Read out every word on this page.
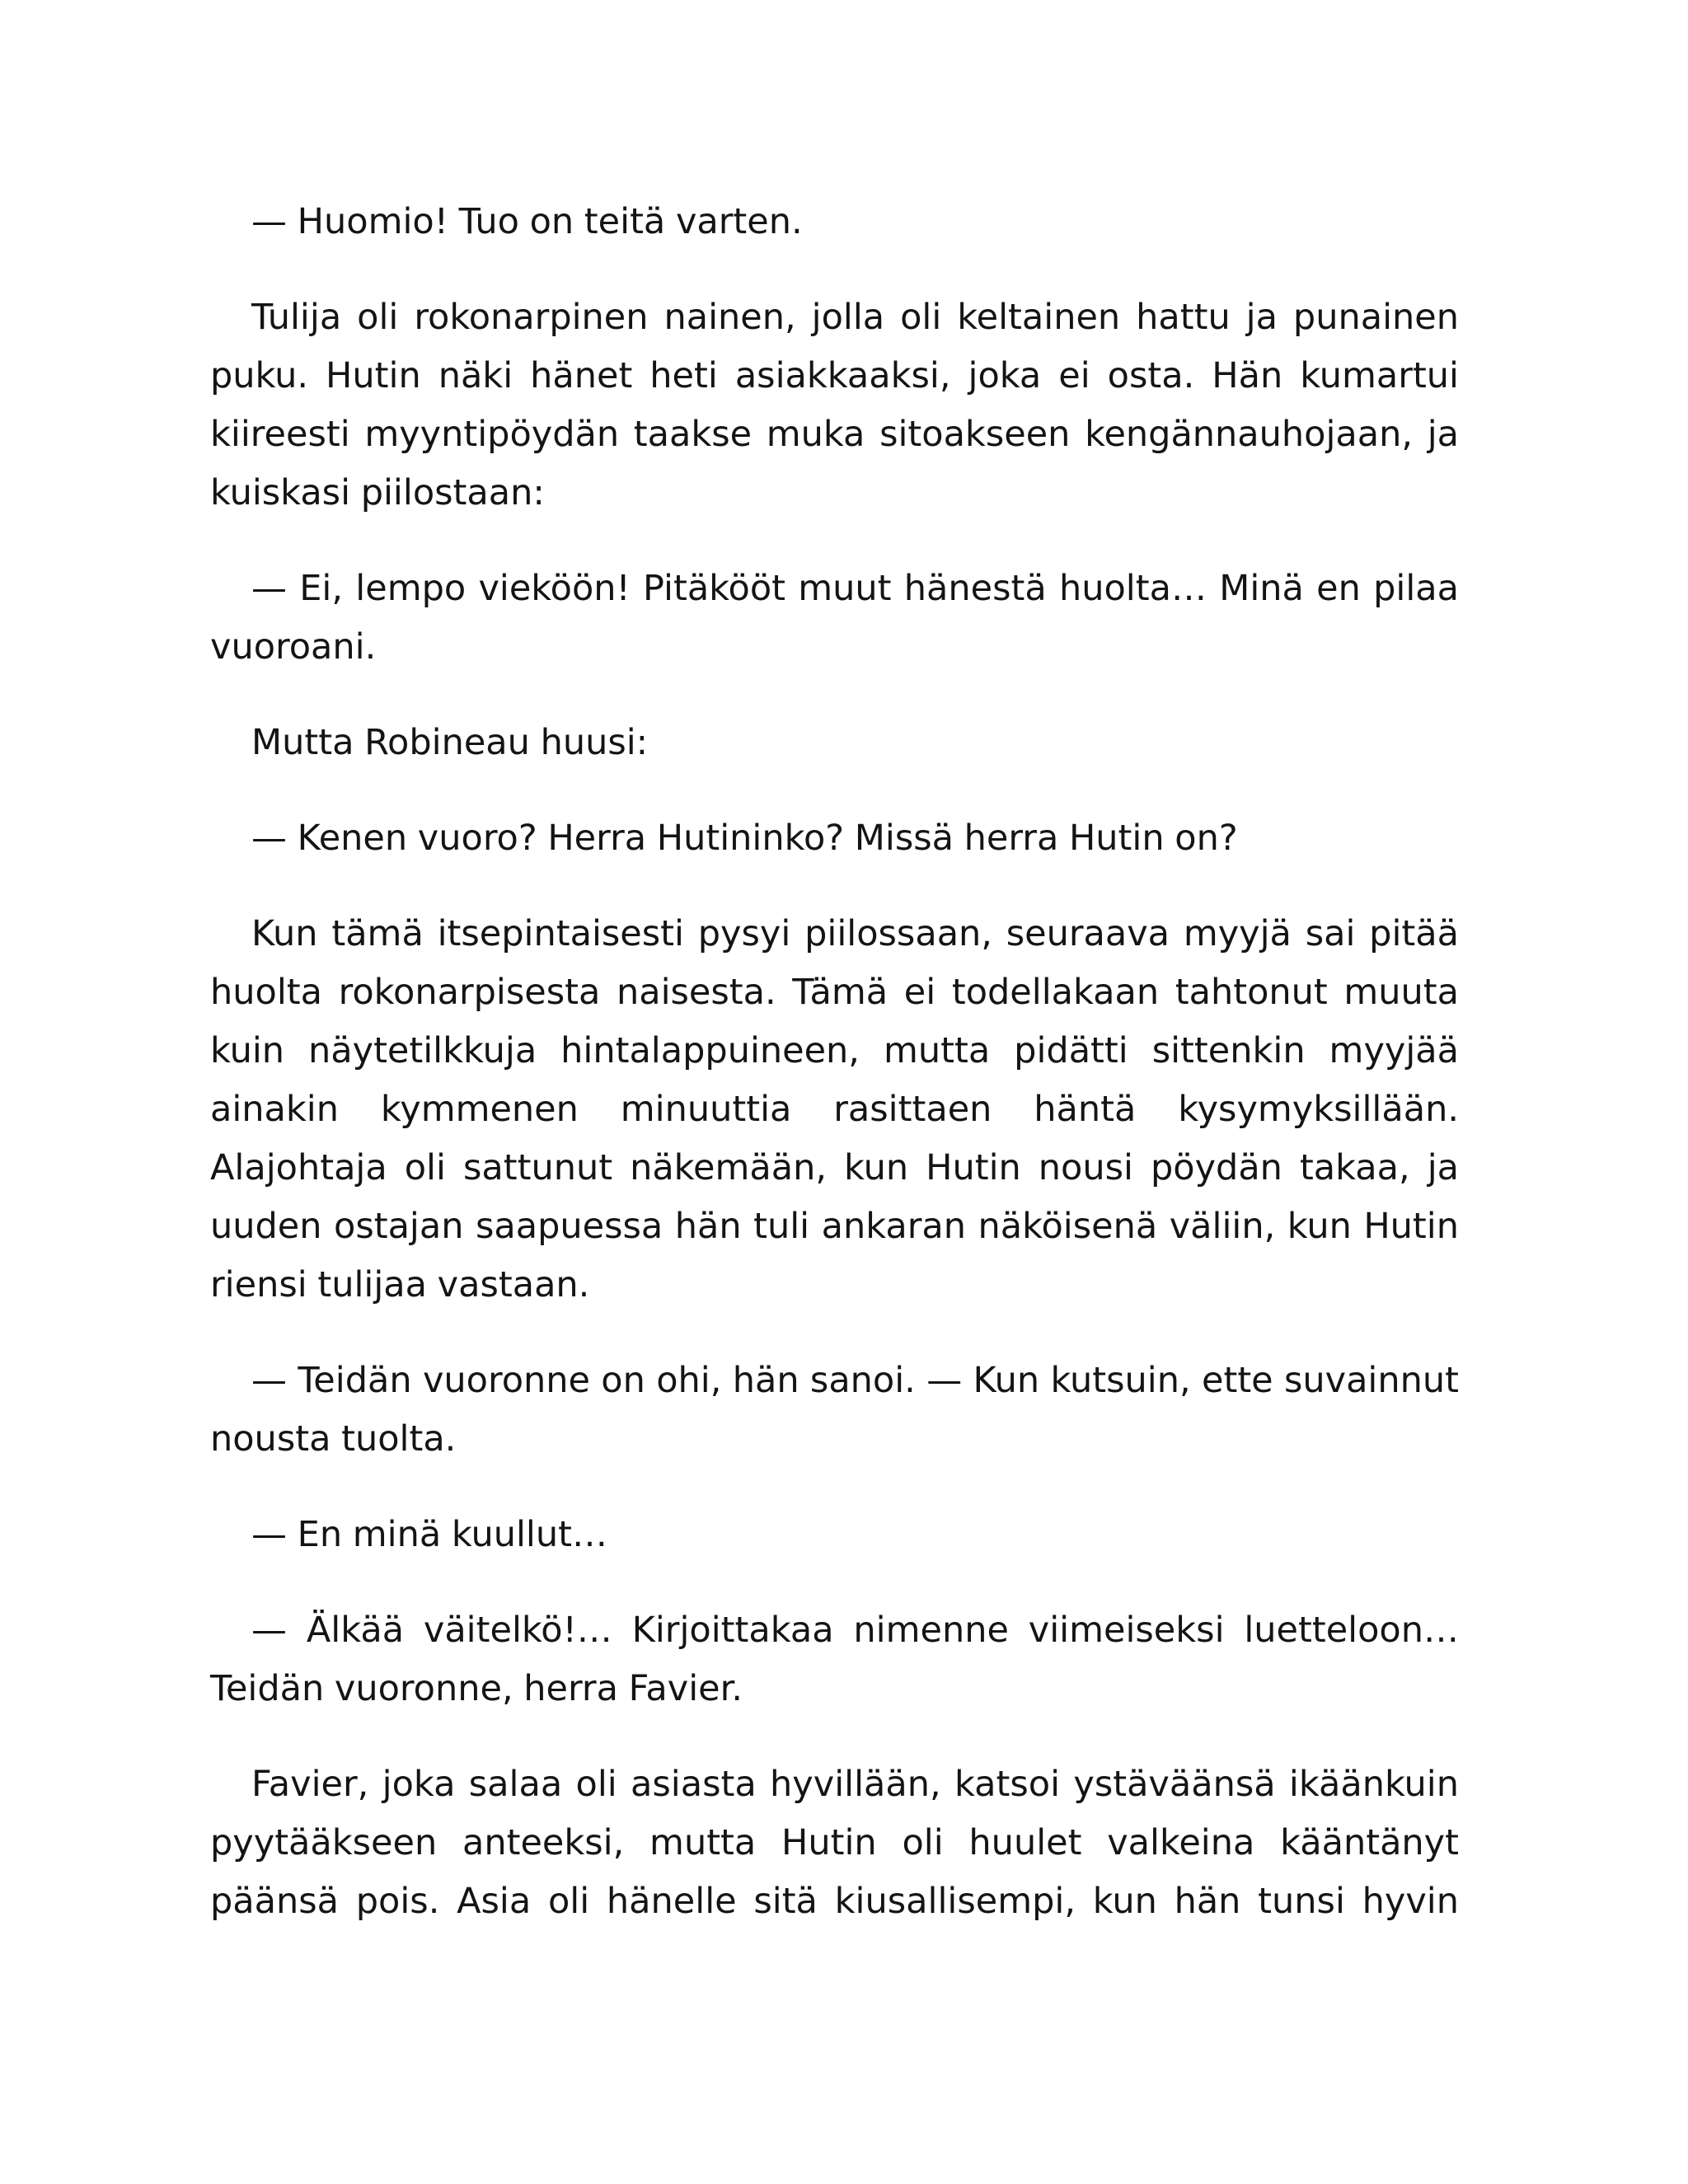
— Huomio! Tuo on teitä varten.

Tulija oli rokonarpinen nainen, jolla oli keltainen hattu ja punainen puku. Hutin näki hänet heti asiakkaaksi, joka ei osta. Hän kumartui kiireesti myyntipöydän taakse muka sitoakseen kengännauhojaan, ja kuiskasi piilostaan:

— Ei, lempo vieköön! Pitäkööt muut hänestä huolta… Minä en pilaa vuoroani.

Mutta Robineau huusi:

— Kenen vuoro? Herra Hutininko? Missä herra Hutin on?

Kun tämä itsepintaisesti pysyi piilossaan, seuraava myyjä sai pitää huolta rokonarpisesta naisesta. Tämä ei todellakaan tahtonut muuta kuin näytetilkkuja hintalappuineen, mutta pidätti sittenkin myyjää ainakin kymmenen minuuttia rasittaen häntä kysymyksillään. Alajohtaja oli sattunut näkemään, kun Hutin nousi pöydän takaa, ja uuden ostajan saapuessa hän tuli ankaran näköisenä väliin, kun Hutin riensi tulijaa vastaan.

— Teidän vuoronne on ohi, hän sanoi. — Kun kutsuin, ette suvainnut nousta tuolta.

— En minä kuullut…

— Älkää väitelkö!… Kirjoittakaa nimenne viimeiseksi luetteloon… Teidän vuoronne, herra Favier.

Favier, joka salaa oli asiasta hyvillään, katsoi ystäväänsä ikäänkuin pyytääkseen anteeksi, mutta Hutin oli huulet valkeina kääntänyt päänsä pois. Asia oli hänelle sitä kiusallisempi, kun hän tunsi hyvin
